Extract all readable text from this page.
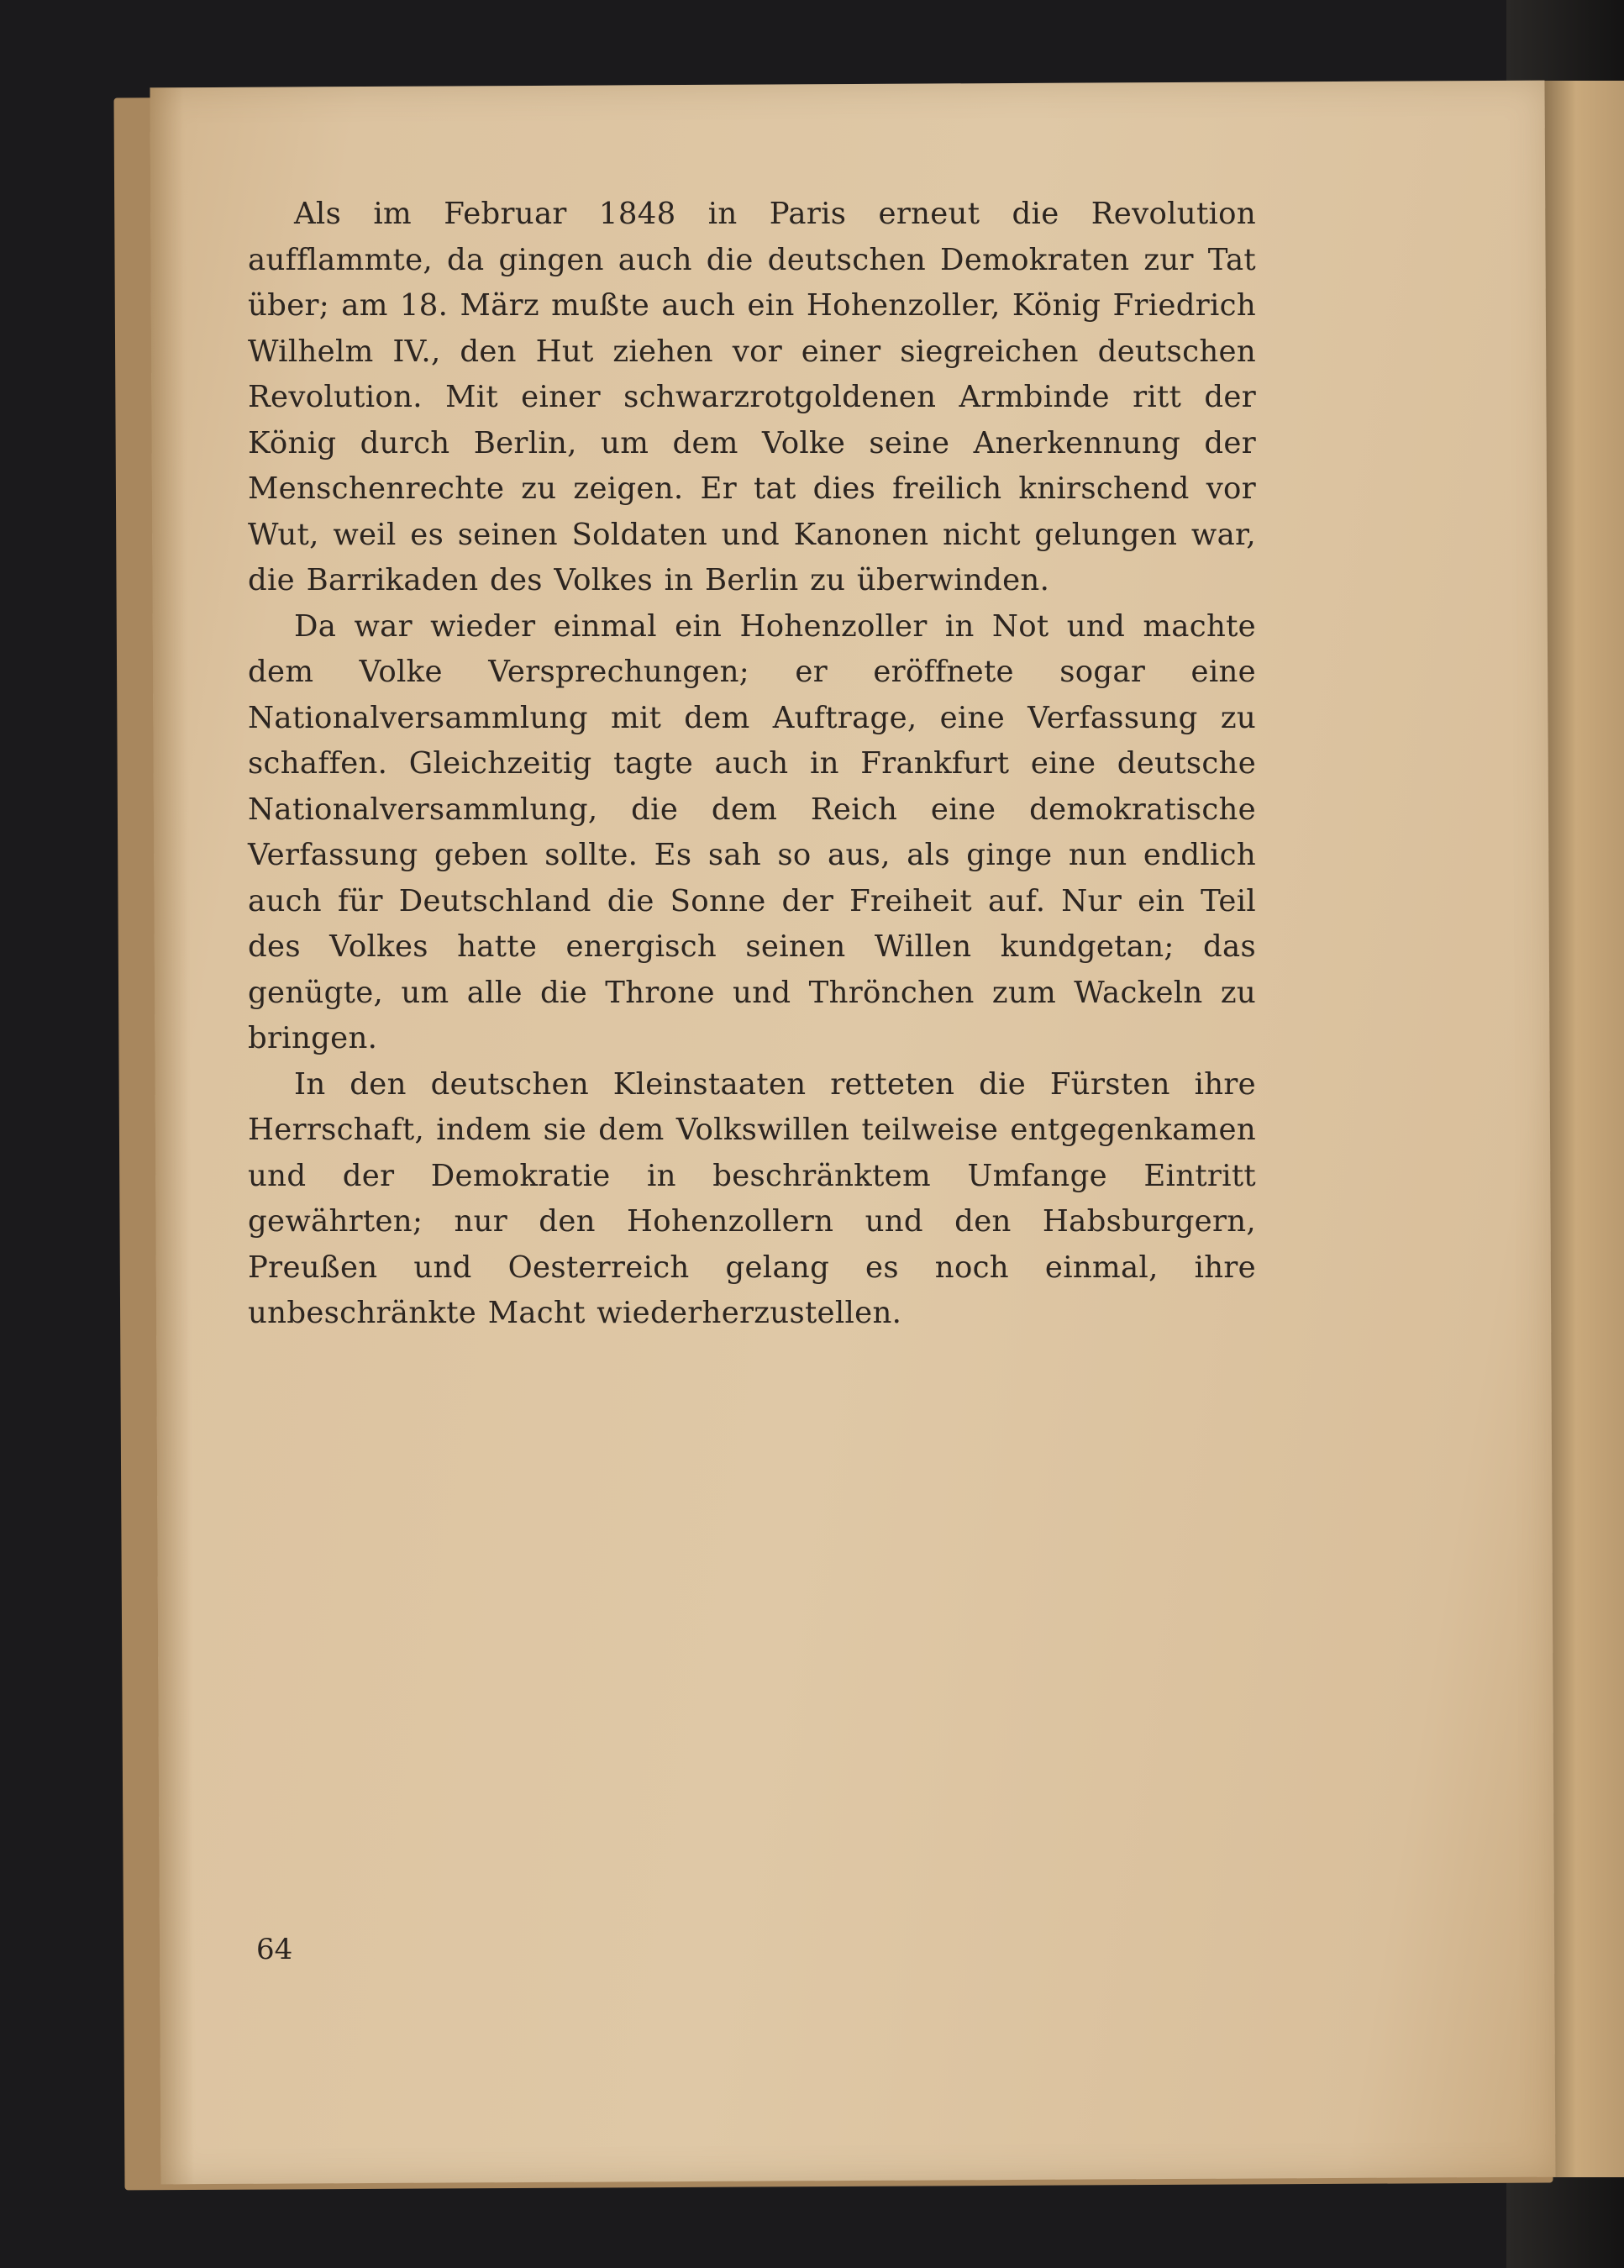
Als im Februar 1848 in Paris erneut die Revolution aufflammte, da gingen auch die deutschen Demokraten zur Tat über; am 18. März mußte auch ein Hohenzoller, König Friedrich Wilhelm IV., den Hut ziehen vor einer siegreichen deutschen Revolution. Mit einer schwarzrotgoldenen Armbinde ritt der König durch Berlin, um dem Volke seine Anerkennung der Menschenrechte zu zeigen. Er tat dies freilich knirschend vor Wut, weil es seinen Soldaten und Kanonen nicht gelungen war, die Barrikaden des Volkes in Berlin zu überwinden.

Da war wieder einmal ein Hohenzoller in Not und machte dem Volke Versprechungen; er eröffnete sogar eine Nationalversammlung mit dem Auftrage, eine Verfassung zu schaffen. Gleichzeitig tagte auch in Frankfurt eine deutsche Nationalversammlung, die dem Reich eine demokratische Verfassung geben sollte. Es sah so aus, als ginge nun endlich auch für Deutschland die Sonne der Freiheit auf. Nur ein Teil des Volkes hatte energisch seinen Willen kundgetan; das genügte, um alle die Throne und Thrönchen zum Wackeln zu bringen.

In den deutschen Kleinstaaten retteten die Fürsten ihre Herrschaft, indem sie dem Volkswillen teilweise entgegenkamen und der Demokratie in beschränktem Umfange Eintritt gewährten; nur den Hohenzollern und den Habsburgern, Preußen und Oesterreich gelang es noch einmal, ihre unbeschränkte Macht wiederherzustellen.

64
